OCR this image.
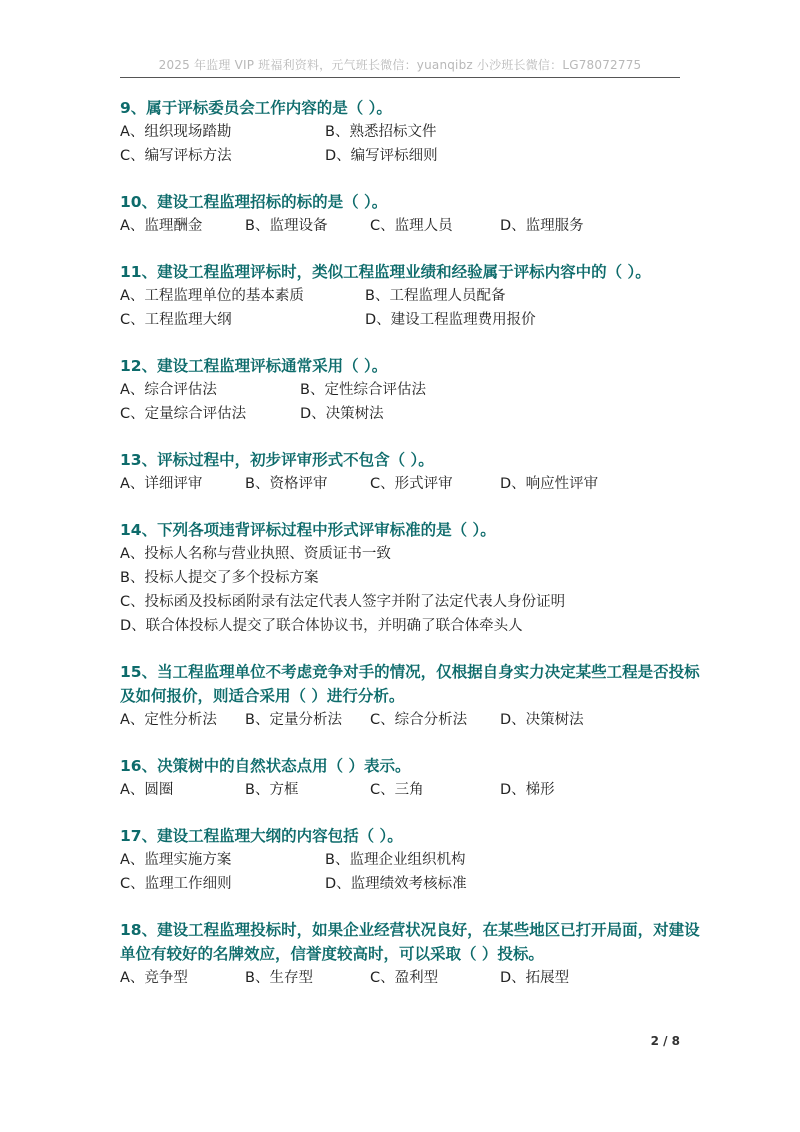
2025 年监理 VIP 班福利资料，元气班长微信：yuanqibz 小沙班长微信：LG78072775

9、属于评标委员会工作内容的是（ ）。

A、组织现场踏勘	B、熟悉招标文件
C、编写评标方法	D、编写评标细则

10、建设工程监理招标的标的是（ ）。

A、监理酬金	B、监理设备	C、监理人员	D、监理服务

11、建设工程监理评标时，类似工程监理业绩和经验属于评标内容中的（ ）。

A、工程监理单位的基本素质	B、工程监理人员配备
C、工程监理大纲	D、建设工程监理费用报价

12、建设工程监理评标通常采用（ ）。

A、综合评估法	B、定性综合评估法
C、定量综合评估法	D、决策树法

13、评标过程中，初步评审形式不包含（ ）。

A、详细评审	B、资格评审	C、形式评审	D、响应性评审

14、下列各项违背评标过程中形式评审标准的是（ ）。

A、投标人名称与营业执照、资质证书一致
B、投标人提交了多个投标方案
C、投标函及投标函附录有法定代表人签字并附了法定代表人身份证明
D、联合体投标人提交了联合体协议书，并明确了联合体牵头人

15、当工程监理单位不考虑竞争对手的情况，仅根据自身实力决定某些工程是否投标及如何报价，则适合采用（ ）进行分析。

A、定性分析法	B、定量分析法	C、综合分析法	D、决策树法

16、决策树中的自然状态点用（ ）表示。

A、圆圈	B、方框	C、三角	D、梯形

17、建设工程监理大纲的内容包括（ ）。

A、监理实施方案	B、监理企业组织机构
C、监理工作细则	D、监理绩效考核标准

18、建设工程监理投标时，如果企业经营状况良好，在某些地区已打开局面，对建设单位有较好的名牌效应，信誉度较高时，可以采取（ ）投标。

A、竞争型	B、生存型	C、盈利型	D、拓展型
2 / 8
